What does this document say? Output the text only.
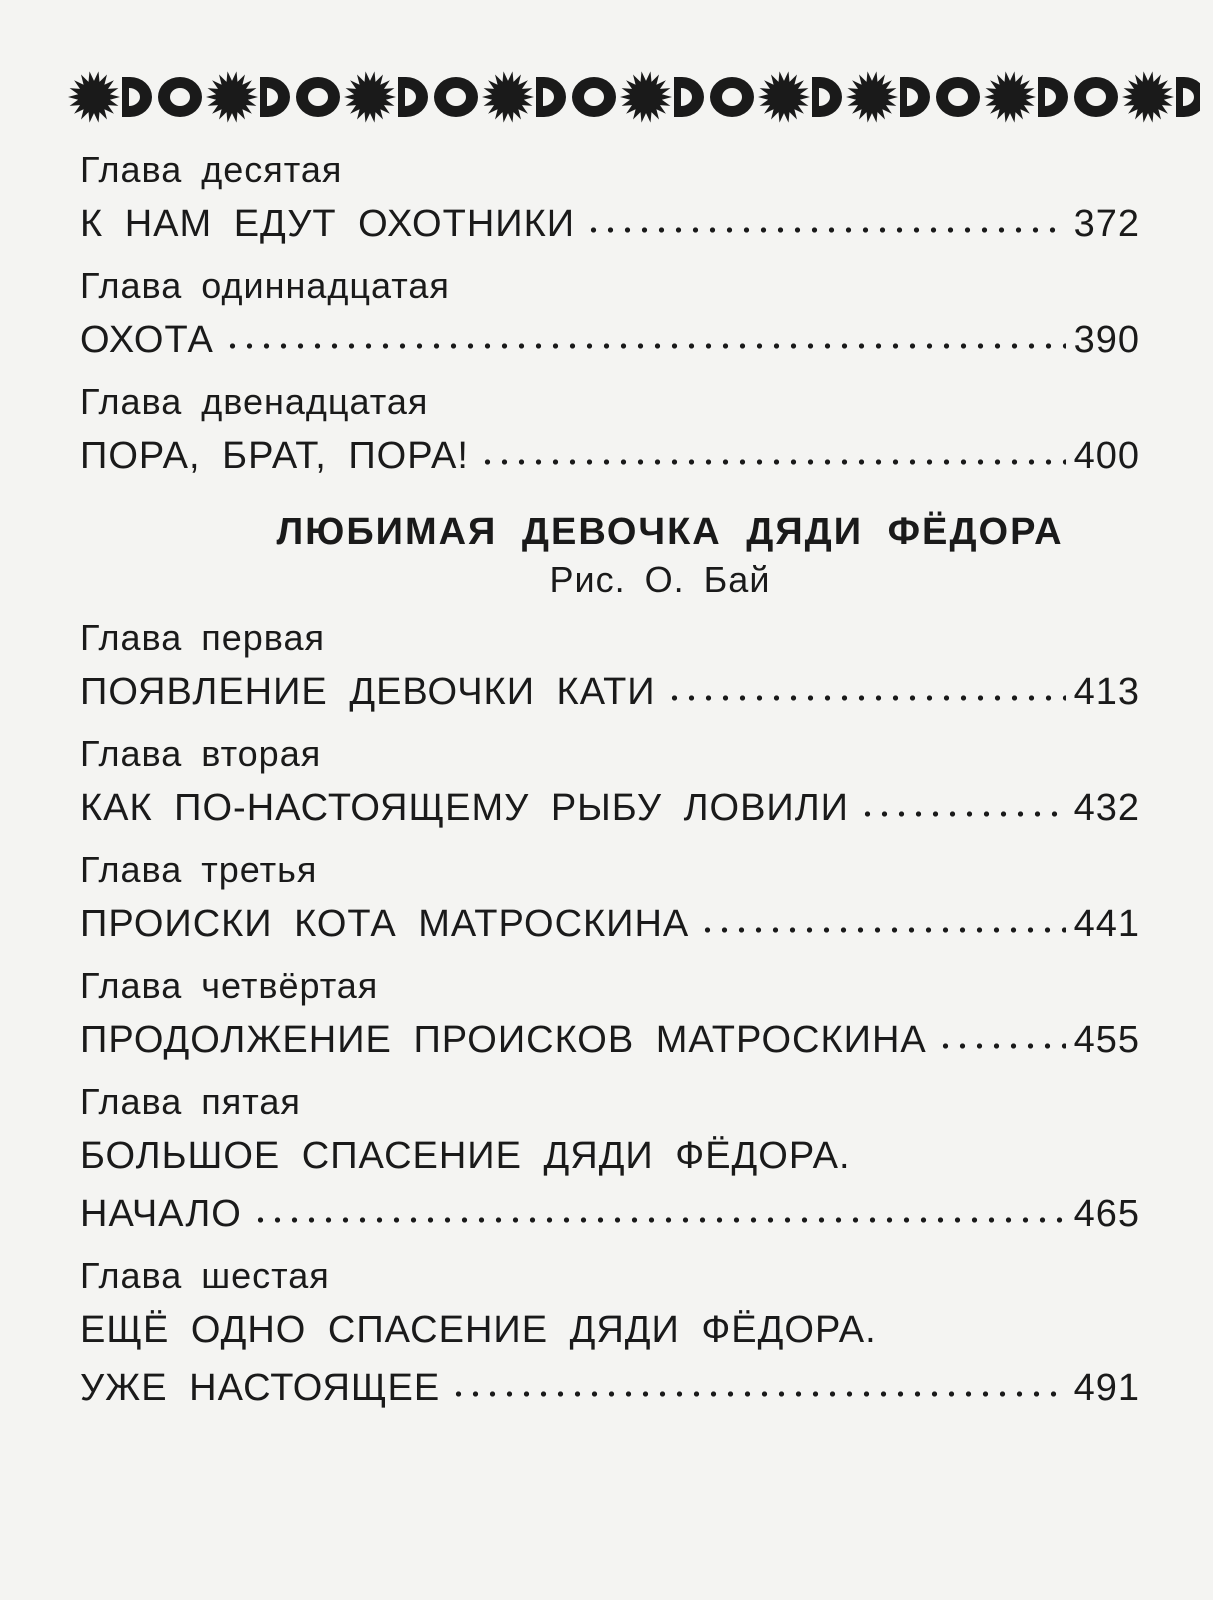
Глава десятая
К НАМ ЕДУТ ОХОТНИКИ	372
Глава одиннадцатая
ОХОТА	390
Глава двенадцатая
ПОРА, БРАТ, ПОРА!	400
ЛЮБИМАЯ ДЕВОЧКА ДЯДИ ФЁДОРА
Рис. О. Бай
Глава первая
ПОЯВЛЕНИЕ ДЕВОЧКИ КАТИ	413
Глава вторая
КАК ПО-НАСТОЯЩЕМУ РЫБУ ЛОВИЛИ	432
Глава третья
ПРОИСКИ КОТА МАТРОСКИНА	441
Глава четвёртая
ПРОДОЛЖЕНИЕ ПРОИСКОВ МАТРОСКИНА	455
Глава пятая
БОЛЬШОЕ СПАСЕНИЕ ДЯДИ ФЁДОРА.
НАЧАЛО	465
Глава шестая
ЕЩЁ ОДНО СПАСЕНИЕ ДЯДИ ФЁДОРА.
УЖЕ НАСТОЯЩЕЕ	491
